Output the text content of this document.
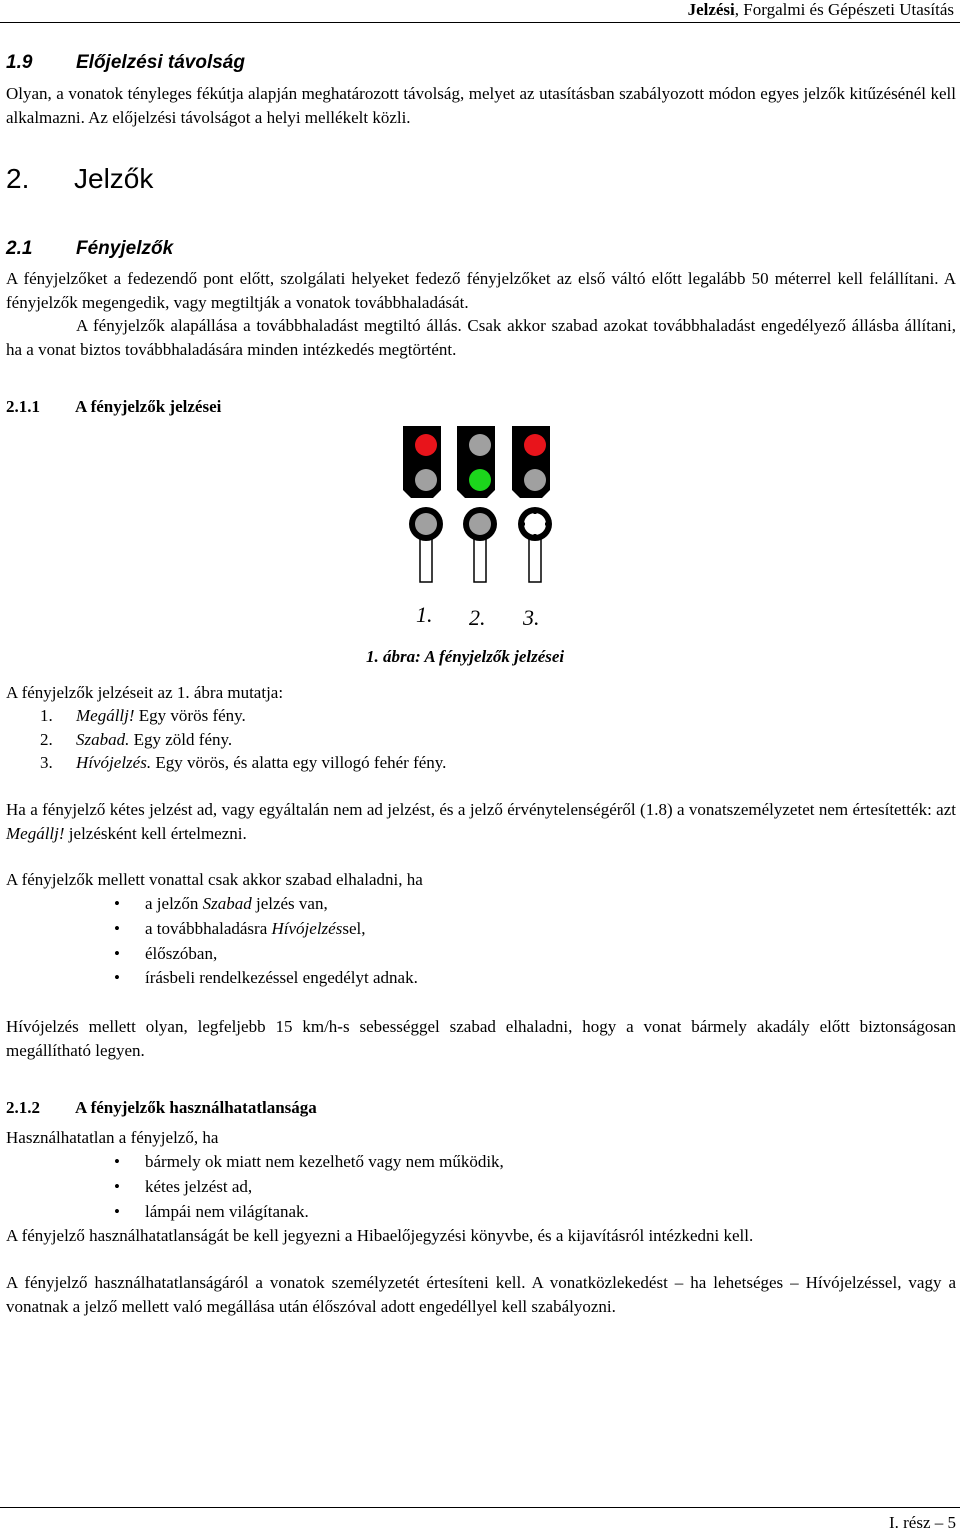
Jelzési, Forgalmi és Gépészeti Utasítás
1.9 Előjelzési távolság
Olyan, a vonatok tényleges fékútja alapján meghatározott távolság, melyet az utasításban szabályozott módon egyes jelzők kitűzésénél kell alkalmazni. Az előjelzési távolságot a helyi mellékelt közli.
2. Jelzők
2.1 Fényjelzők
A fényjelzőket a fedezendő pont előtt, szolgálati helyeket fedező fényjelzőket az első váltó előtt legalább 50 méterrel kell felállítani. A fényjelzők megengedik, vagy megtiltják a vonatok továbbhaladását.
A fényjelzők alapállása a továbbhaladást megtiltó állás. Csak akkor szabad azokat továbbhaladást engedélyező állásba állítani, ha a vonat biztos továbbhaladására minden intézkedés megtörtént.
2.1.1 A fényjelzők jelzései
1. 2. 3.
1. ábra: A fényjelzők jelzései
A fényjelzők jelzéseit az 1. ábra mutatja:
1. Megállj! Egy vörös fény.
2. Szabad. Egy zöld fény.
3. Hívójelzés. Egy vörös, és alatta egy villogó fehér fény.
Ha a fényjelző kétes jelzést ad, vagy egyáltalán nem ad jelzést, és a jelző érvénytelenségéről (1.8) a vonatszemélyzetet nem értesítették: azt Megállj! jelzésként kell értelmezni.
A fényjelzők mellett vonattal csak akkor szabad elhaladni, ha
• a jelzőn Szabad jelzés van,
• a továbbhaladásra Hívójelzéssel,
• élőszóban,
• írásbeli rendelkezéssel engedélyt adnak.
Hívójelzés mellett olyan, legfeljebb 15 km/h-s sebességgel szabad elhaladni, hogy a vonat bármely akadály előtt biztonságosan megállítható legyen.
2.1.2 A fényjelzők használhatatlansága
Használhatatlan a fényjelző, ha
• bármely ok miatt nem kezelhető vagy nem működik,
• kétes jelzést ad,
• lámpái nem világítanak.
A fényjelző használhatatlanságát be kell jegyezni a Hibaelőjegyzési könyvbe, és a kijavításról intézkedni kell.
A fényjelző használhatatlanságáról a vonatok személyzetét értesíteni kell. A vonatközlekedést – ha lehetséges – Hívójelzéssel, vagy a vonatnak a jelző mellett való megállása után élőszóval adott engedéllyel kell szabályozni.
I. rész – 5
